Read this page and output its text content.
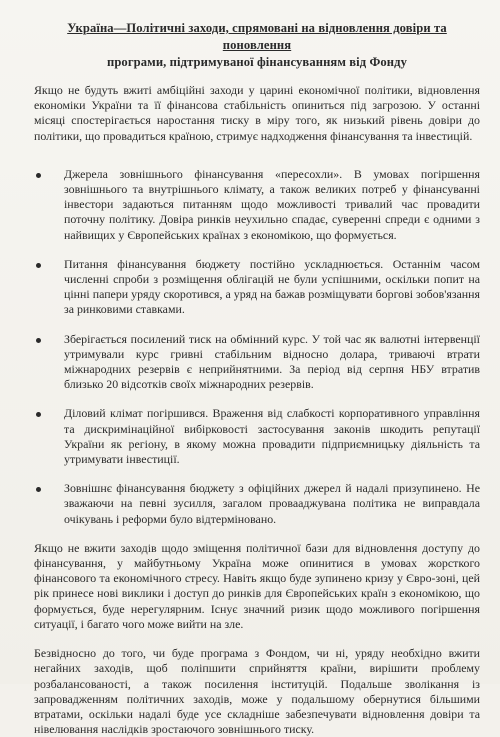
Україна—Політичні заходи, спрямовані на відновлення довіри та поновлення
програми, підтримуваної фінансуванням від Фонду

Якщо не будуть вжиті амбіційні заходи у царині економічної політики, відновлення економіки України та її фінансова стабільність опиниться під загрозою. У останні місяці спостерігається наростання тиску в міру того, як низький рівень довіри до політики, що провадиться країною, стримує надходження фінансування та інвестицій.

Джерела зовнішнього фінансування «пересохли». В умовах погіршення зовнішнього та внутрішнього клімату, а також великих потреб у фінансуванні інвестори задаються питанням щодо можливості тривалий час провадити поточну політику. Довіра ринків неухильно спадає, суверенні спреди є одними з найвищих у Європейських країнах з економікою, що формується.
Питання фінансування бюджету постійно ускладнюється. Останнім часом численні спроби з розміщення облігацій не були успішними, оскільки попит на цінні папери уряду скоротився, а уряд на бажав розміщувати боргові зобов'язання за ринковими ставками.
Зберігається посилений тиск на обмінний курс. У той час як валютні інтервенції утримували курс гривні стабільним відносно долара, триваючі втрати міжнародних резервів є неприйнятними. За період від серпня НБУ втратив близько 20 відсотків своїх міжнародних резервів.
Діловий клімат погіршився. Враження від слабкості корпоративного управління та дискримінаційної вибірковості застосування законів шкодить репутації України як регіону, в якому можна провадити підприємницьку діяльність та утримувати інвестиції.
Зовнішнє фінансування бюджету з офіційних джерел й надалі призупинено. Не зважаючи на певні зусилля, загалом провааджувана політика не виправдала очікувань і реформи було відтерміновано.

Якщо не вжити заходів щодо зміщення політичної бази для відновлення доступу до фінансування, у майбутньому Україна може опинитися в умовах жорсткого фінансового та економічного стресу. Навіть якщо буде зупинено кризу у Євро-зоні, цей рік принесе нові виклики і доступ до ринків для Європейських країн з економікою, що формується, буде нерегулярним. Існує значний ризик щодо можливого погіршення ситуації, і багато чого може вийти на зле.

Безвідносно до того, чи буде програма з Фондом, чи ні, уряду необхідно вжити негайних заходів, щоб поліпшити сприйняття країни, вирішити проблему розбалансованості, а також посилення інституцій. Подальше зволікання із запровадженням політичних заходів, може у подальшому обернутися більшими втратами, оскільки надалі буде усе складніше забезпечувати відновлення довіри та нівелювання наслідків зростаючого зовнішнього тиску.
